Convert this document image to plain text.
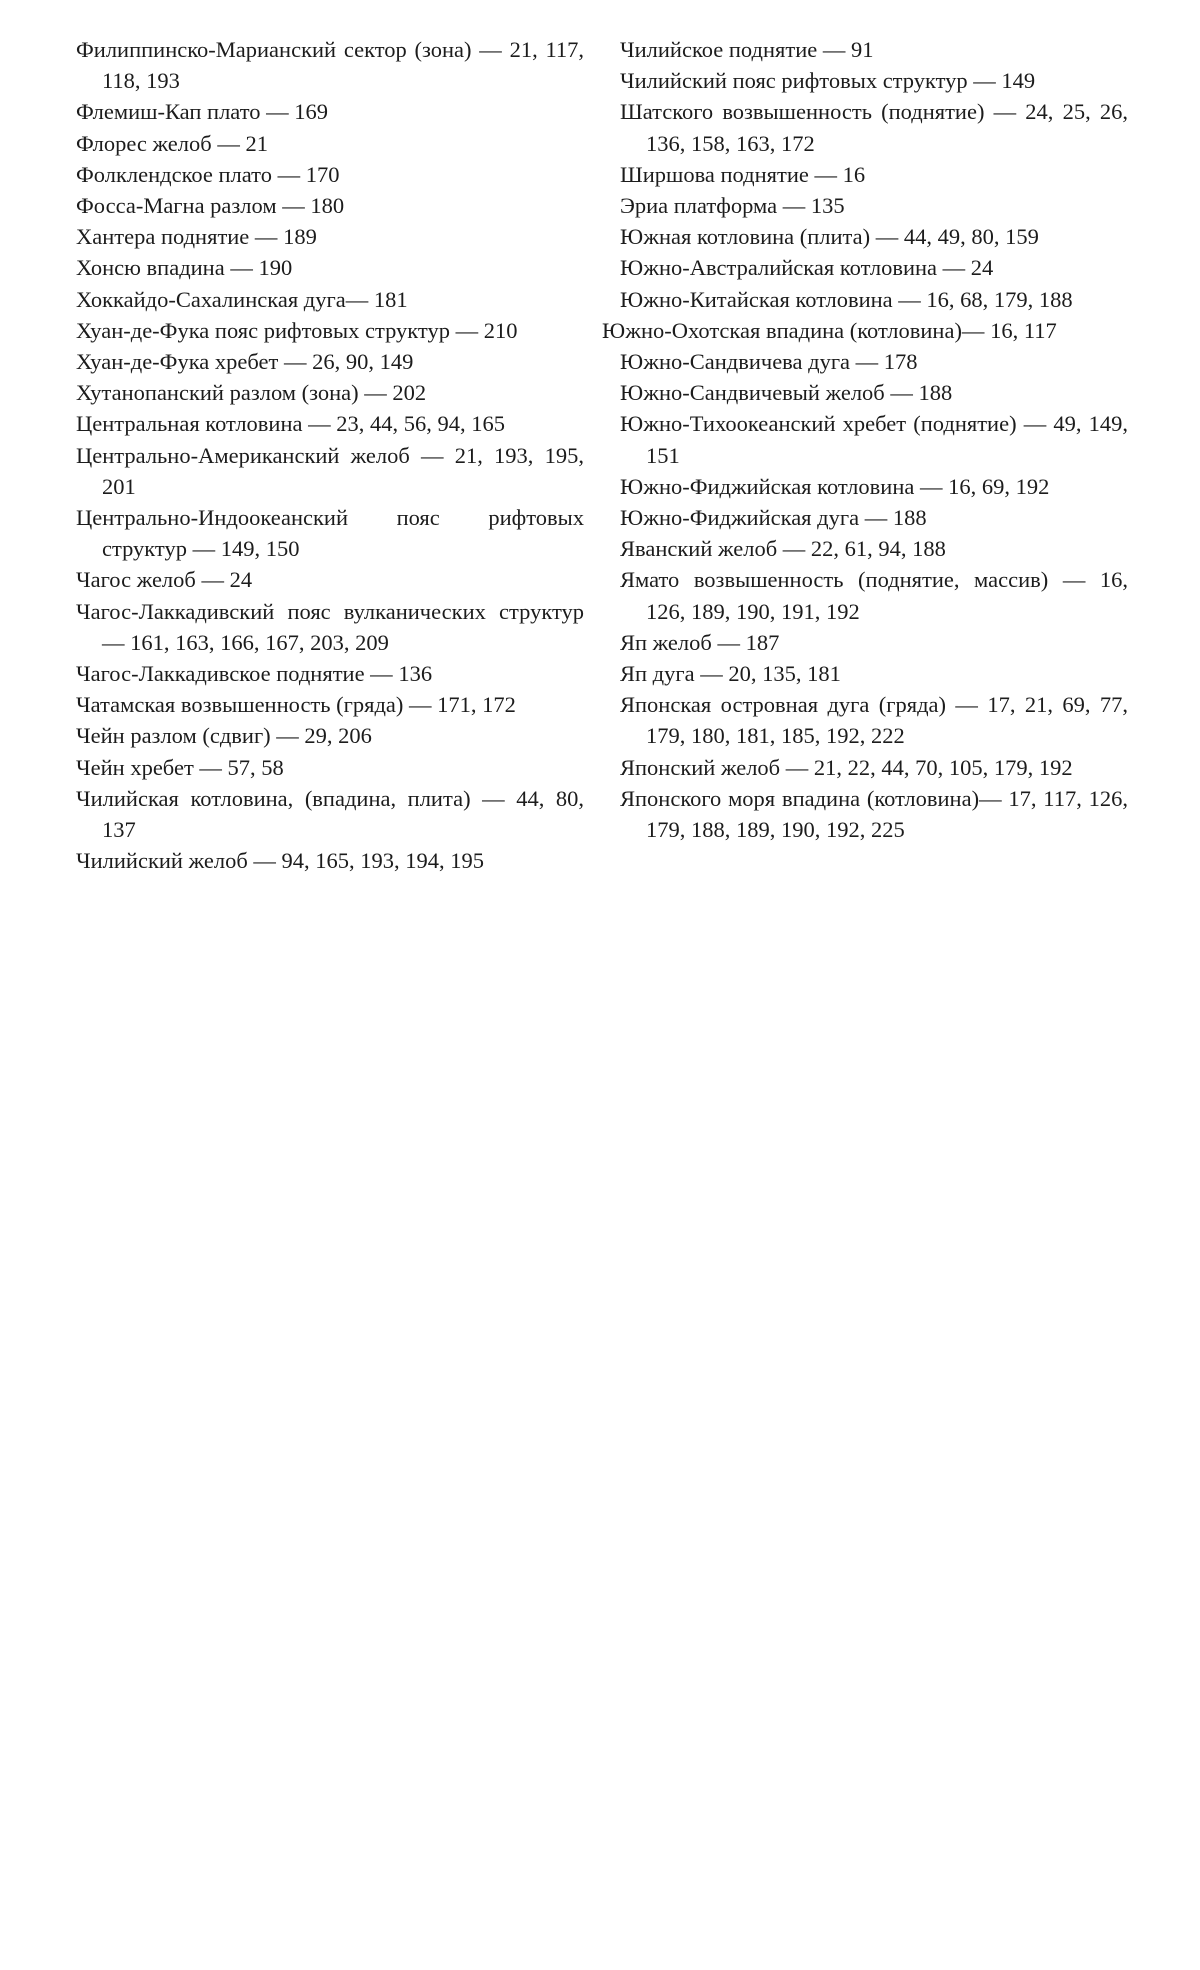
Филиппинско-Марианский сектор (зона) — 21, 117, 118, 193
Флемиш-Кап плато — 169
Флорес желоб — 21
Фолклендское плато — 170
Фосса-Магна разлом — 180
Хантера поднятие — 189
Хонсю впадина — 190
Хоккайдо-Сахалинская дуга— 181
Хуан-де-Фука пояс рифтовых структур — 210
Хуан-де-Фука хребет — 26, 90, 149
Хутанопанский разлом (зона) — 202
Центральная котловина — 23, 44, 56, 94, 165
Центрально-Американский желоб — 21, 193, 195, 201
Центрально-Индоокеанский пояс рифтовых структур — 149, 150
Чагос желоб — 24
Чагос-Лаккадивский пояс вулканических структур — 161, 163, 166, 167, 203, 209
Чагос-Лаккадивское поднятие — 136
Чатамская возвышенность (гряда) — 171, 172
Чейн разлом (сдвиг) — 29, 206
Чейн хребет — 57, 58
Чилийская котловина, (впадина, плита) — 44, 80, 137
Чилийский желоб — 94, 165, 193, 194, 195
Чилийское поднятие — 91
Чилийский пояс рифтовых структур — 149
Шатского возвышенность (поднятие) — 24, 25, 26, 136, 158, 163, 172
Ширшова поднятие — 16
Эриа платформа — 135
Южная котловина (плита) — 44, 49, 80, 159
Южно-Австралийская котловина — 24
Южно-Китайская котловина — 16, 68, 179, 188
Южно-Охотская впадина (котловина)— 16, 117
Южно-Сандвичева дуга — 178
Южно-Сандвичевый желоб — 188
Южно-Тихоокеанский хребет (поднятие) — 49, 149, 151
Южно-Фиджийская котловина — 16, 69, 192
Южно-Фиджийская дуга — 188
Яванский желоб — 22, 61, 94, 188
Ямато возвышенность (поднятие, массив) — 16, 126, 189, 190, 191, 192
Яп желоб — 187
Яп дуга — 20, 135, 181
Японская островная дуга (гряда) — 17, 21, 69, 77, 179, 180, 181, 185, 192, 222
Японский желоб — 21, 22, 44, 70, 105, 179, 192
Японского моря впадина (котловина)— 17, 117, 126, 179, 188, 189, 190, 192, 225
